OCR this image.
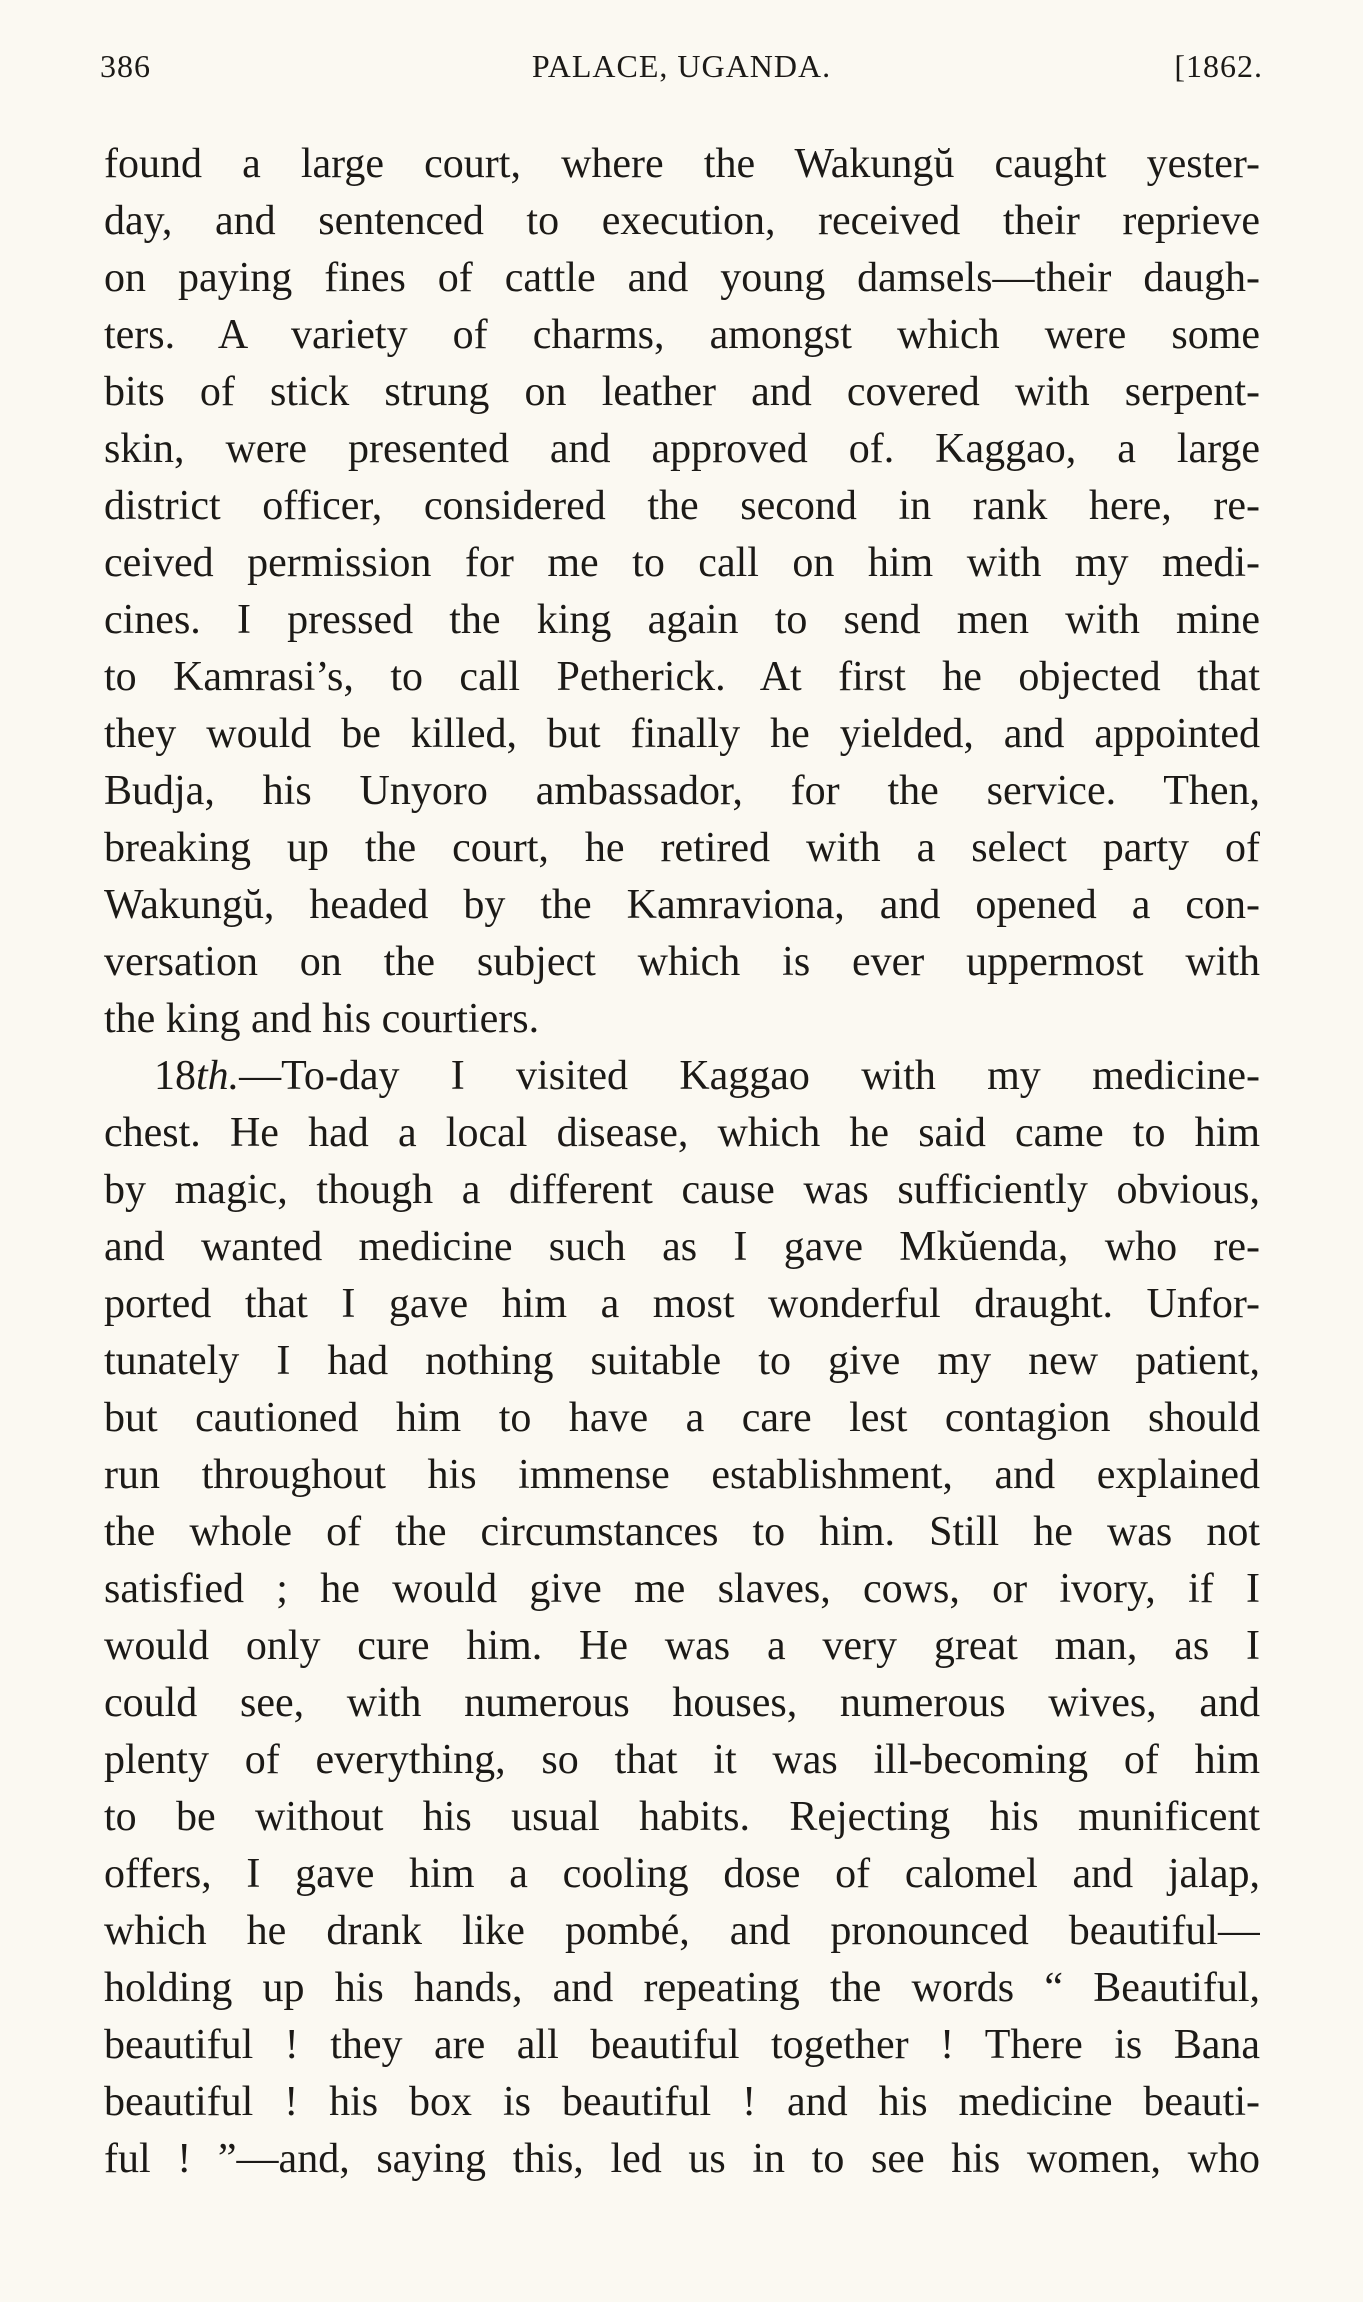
386	PALACE, UGANDA.	[1862.
found a large court, where the Wakungŭ caught yester-
day, and sentenced to execution, received their reprieve
on paying fines of cattle and young damsels—their daugh-
ters. A variety of charms, amongst which were some
bits of stick strung on leather and covered with serpent-
skin, were presented and approved of. Kaggao, a large
district officer, considered the second in rank here, re-
ceived permission for me to call on him with my medi-
cines. I pressed the king again to send men with mine
to Kamrasi’s, to call Petherick. At first he objected that
they would be killed, but finally he yielded, and appointed
Budja, his Unyoro ambassador, for the service. Then,
breaking up the court, he retired with a select party of
Wakungŭ, headed by the Kamraviona, and opened a con-
versation on the subject which is ever uppermost with
the king and his courtiers.
18th.—To-day I visited Kaggao with my medicine-
chest. He had a local disease, which he said came to him
by magic, though a different cause was sufficiently obvious,
and wanted medicine such as I gave Mkŭenda, who re-
ported that I gave him a most wonderful draught. Unfor-
tunately I had nothing suitable to give my new patient,
but cautioned him to have a care lest contagion should
run throughout his immense establishment, and explained
the whole of the circumstances to him. Still he was not
satisfied ; he would give me slaves, cows, or ivory, if I
would only cure him. He was a very great man, as I
could see, with numerous houses, numerous wives, and
plenty of everything, so that it was ill-becoming of him
to be without his usual habits. Rejecting his munificent
offers, I gave him a cooling dose of calomel and jalap,
which he drank like pombé, and pronounced beautiful—
holding up his hands, and repeating the words “ Beautiful,
beautiful ! they are all beautiful together ! There is Bana
beautiful ! his box is beautiful ! and his medicine beauti-
ful ! ”—and, saying this, led us in to see his women, who
